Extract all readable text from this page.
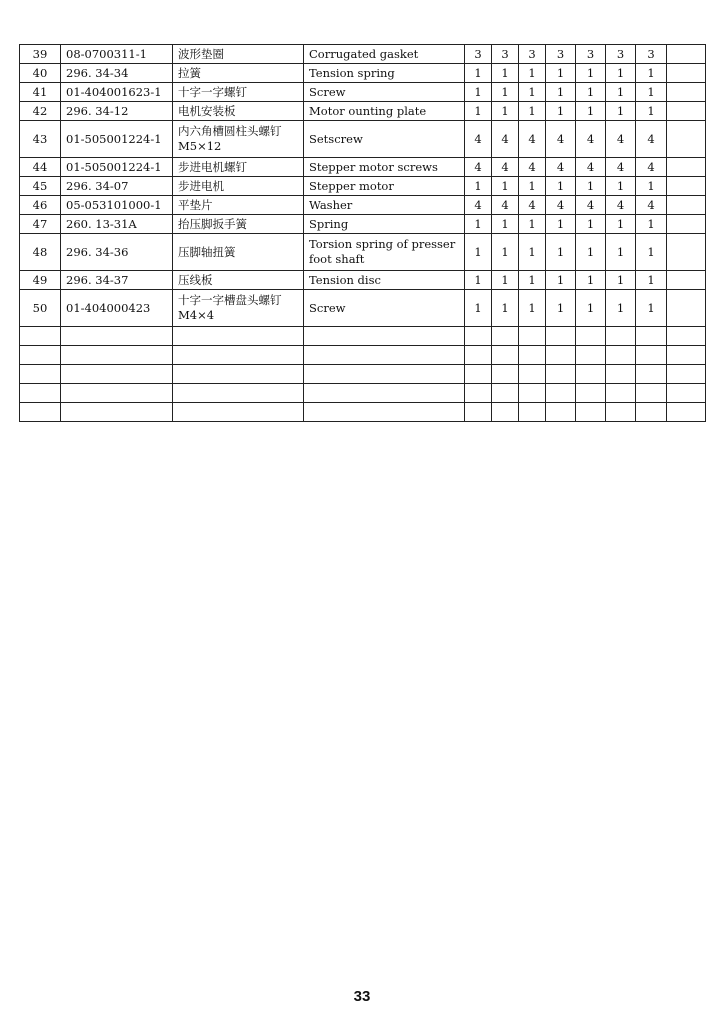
39	08-0700311-1	波形垫圈	Corrugated gasket	3	3	3	3	3	3	3	
40	296. 34-34	拉簧	Tension spring	1	1	1	1	1	1	1	
41	01-404001623-1	十字一字螺钉	Screw	1	1	1	1	1	1	1	
42	296. 34-12	电机安装板	Motor ounting plate	1	1	1	1	1	1	1	
43	01-505001224-1	内六角槽圆柱头螺钉 M5×12	Setscrew	4	4	4	4	4	4	4	
44	01-505001224-1	步进电机螺钉	Stepper motor screws	4	4	4	4	4	4	4	
45	296. 34-07	步进电机	Stepper motor	1	1	1	1	1	1	1	
46	05-053101000-1	平垫片	Washer	4	4	4	4	4	4	4	
47	260. 13-31A	抬压脚扳手簧	Spring	1	1	1	1	1	1	1	
48	296. 34-36	压脚轴扭簧	Torsion spring of presser foot shaft	1	1	1	1	1	1	1	
49	296. 34-37	压线板	Tension disc	1	1	1	1	1	1	1	
50	01-404000423	十字一字槽盘头螺钉 M4×4	Screw	1	1	1	1	1	1	1	

33
